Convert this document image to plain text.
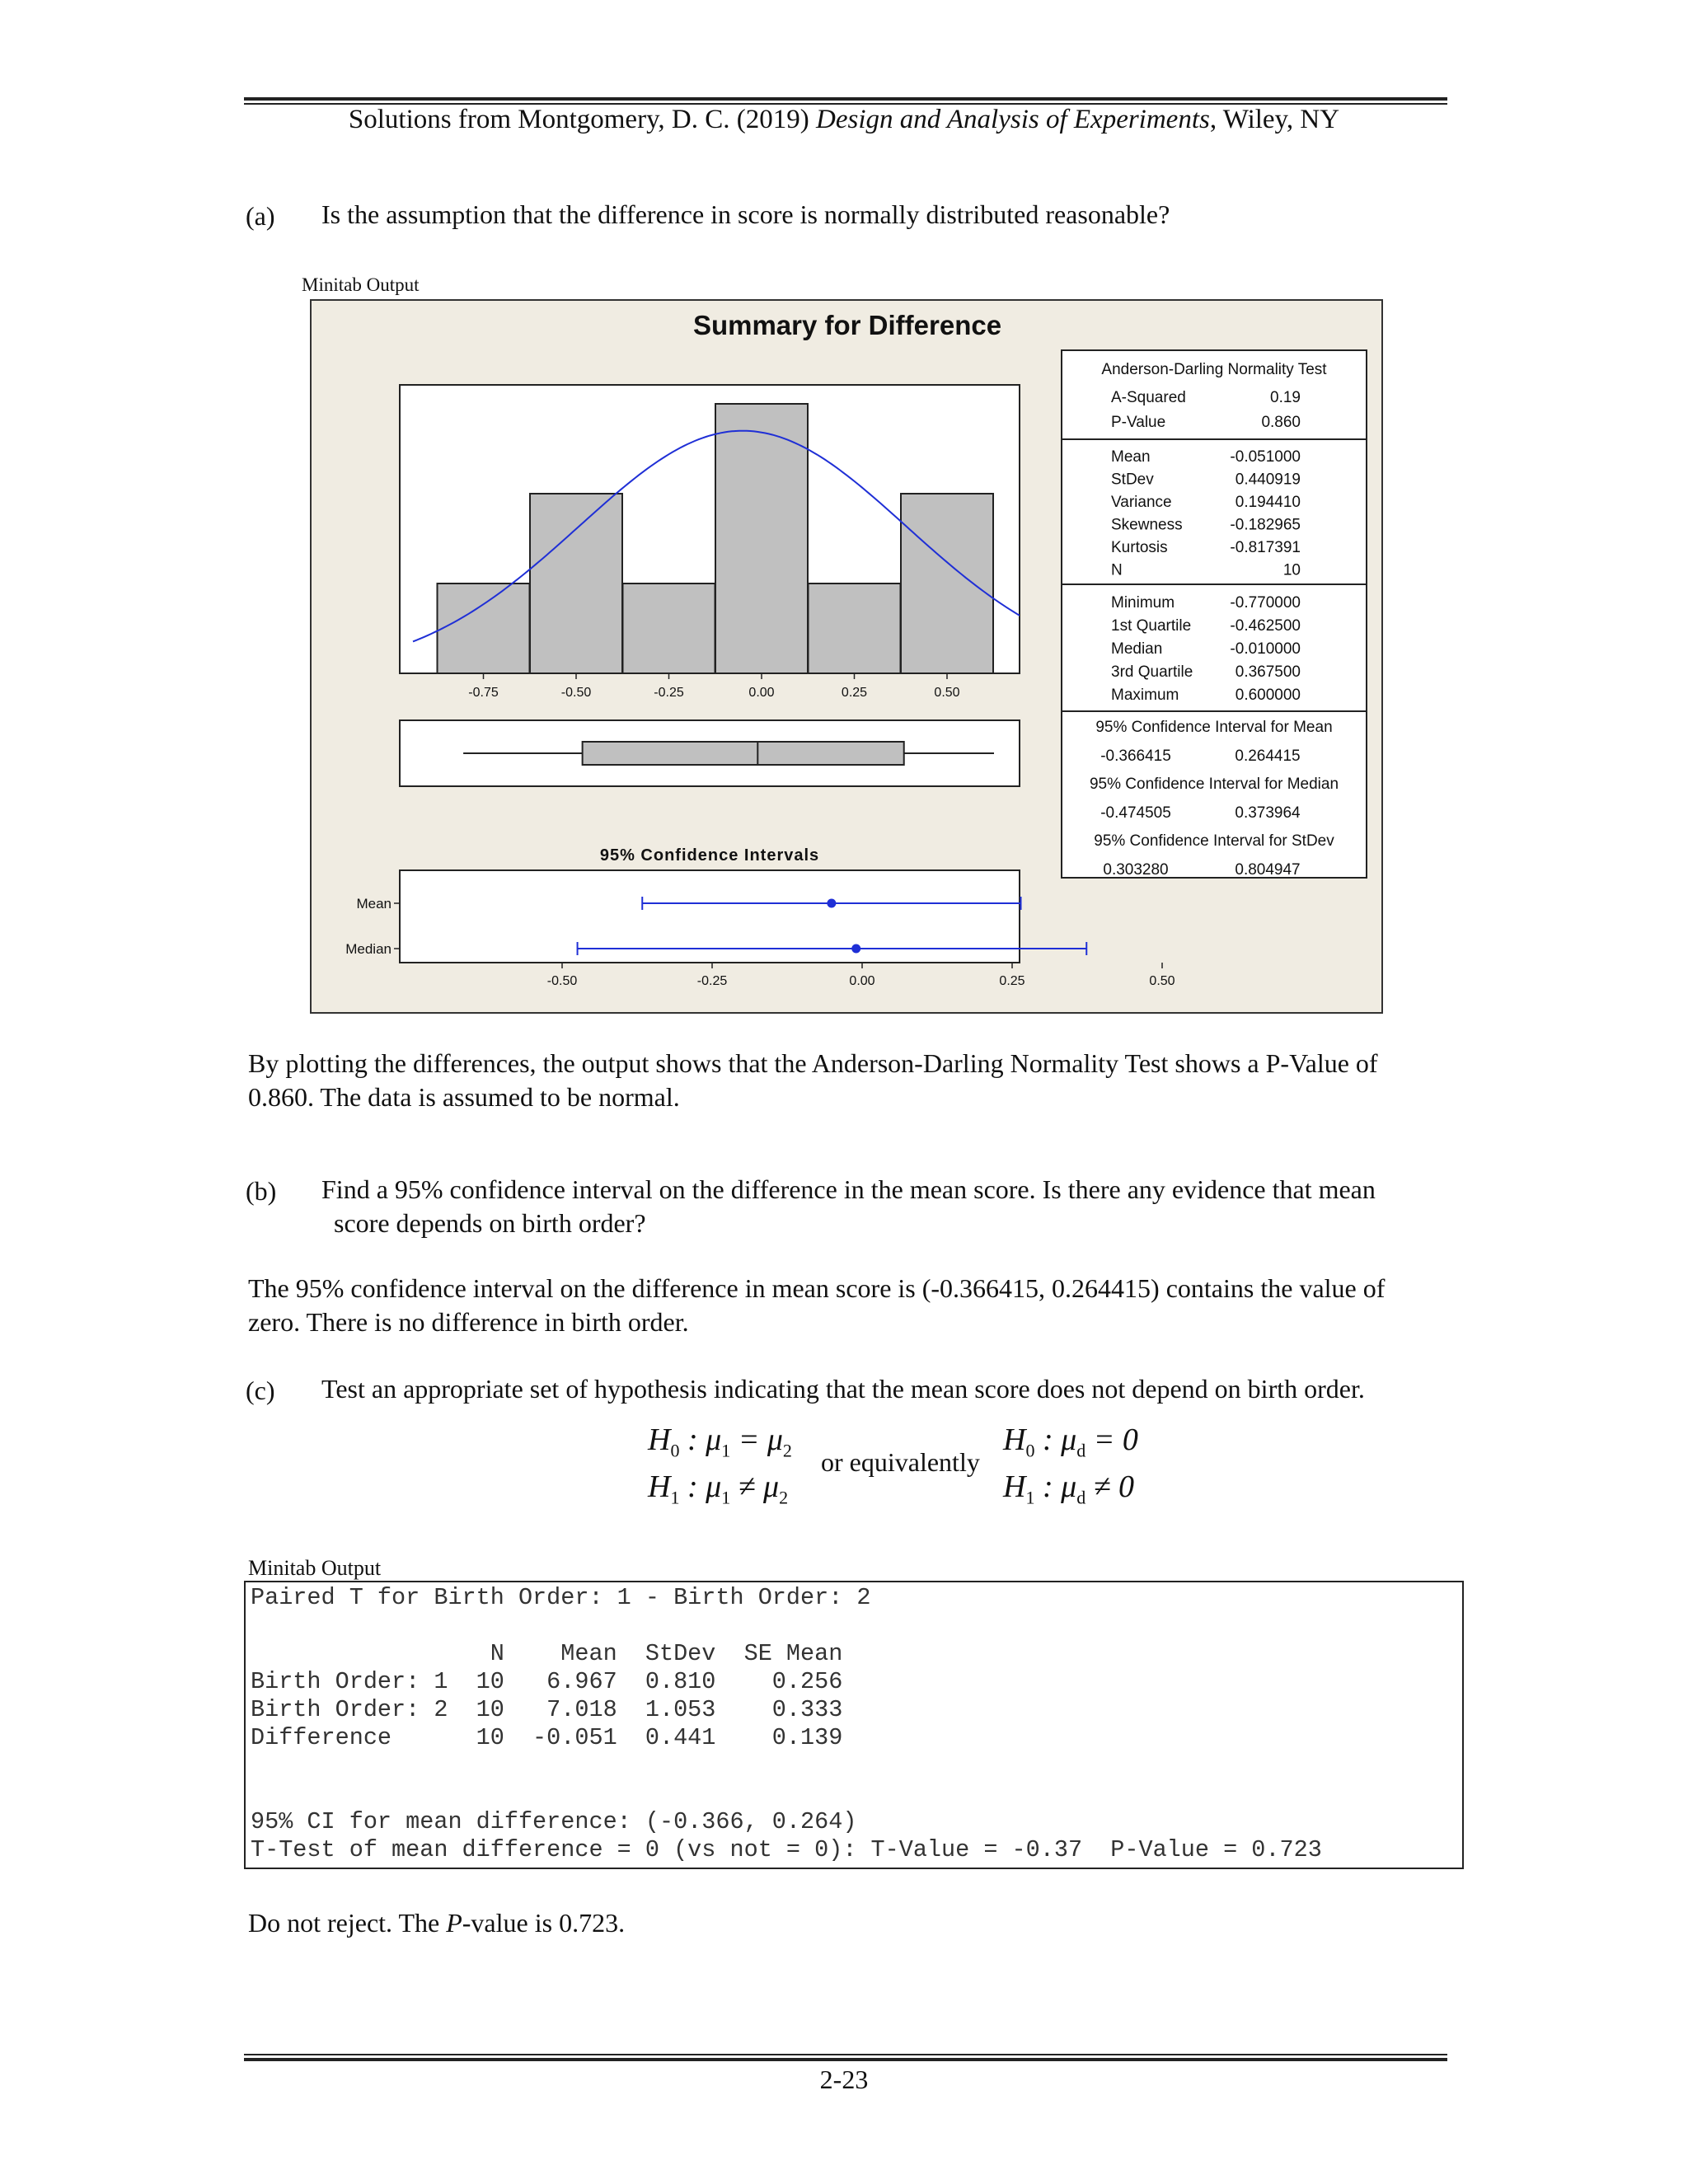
Solutions from Montgomery, D. C. (2019) Design and Analysis of Experiments, Wiley, NY
(a) Is the assumption that the difference in score is normally distributed reasonable?
Minitab Output
Summary for Difference
-0.75	-0.50	-0.25	0.00	0.25	0.50
95% Confidence Intervals
Mean
Median
-0.50	-0.25	0.00	0.25	0.50
Anderson-Darling Normality Test
A-Squared	0.19
P-Value	0.860
Mean	-0.051000
StDev	0.440919
Variance	0.194410
Skewness	-0.182965
Kurtosis	-0.817391
N	10
Minimum	-0.770000
1st Quartile -0.462500
Median	-0.010000
3rd Quartile	0.367500
Maximum	0.600000
95% Confidence Interval for Mean
-0.366415	0.264415
95% Confidence Interval for Median
-0.474505	0.373964
95% Confidence Interval for StDev
0.303280	0.804947
By plotting the differences, the output shows that the Anderson-Darling Normality Test shows a P-Value of
0.860. The data is assumed to be normal.
(b) Find a 95% confidence interval on the difference in the mean score. Is there any evidence that mean
score depends on birth order?
The 95% confidence interval on the difference in mean score is (-0.366415, 0.264415) contains the value of
zero. There is no difference in birth order.
(c) Test an appropriate set of hypothesis indicating that the mean score does not depend on birth order.
$H_0$ : $\mu_1 = \mu_2$
$H_1$ : $\mu_1 \ne \mu_2$
or equivalently
$H_0$ : $\mu_d = 0$
$H_1$ : $\mu_d \ne 0$
Minitab Output
Paired T for Birth Order: 1 - Birth Order: 2
N    Mean  StDev  SE Mean
Birth Order: 1  10   6.967  0.810    0.256
Birth Order: 2  10   7.018  1.053    0.333
Difference      10  -0.051  0.441    0.139
95% CI for mean difference: (-0.366, 0.264)
T-Test of mean difference = 0 (vs not = 0): T-Value = -0.37  P-Value = 0.723
Do not reject. The P-value is 0.723.
2-23
